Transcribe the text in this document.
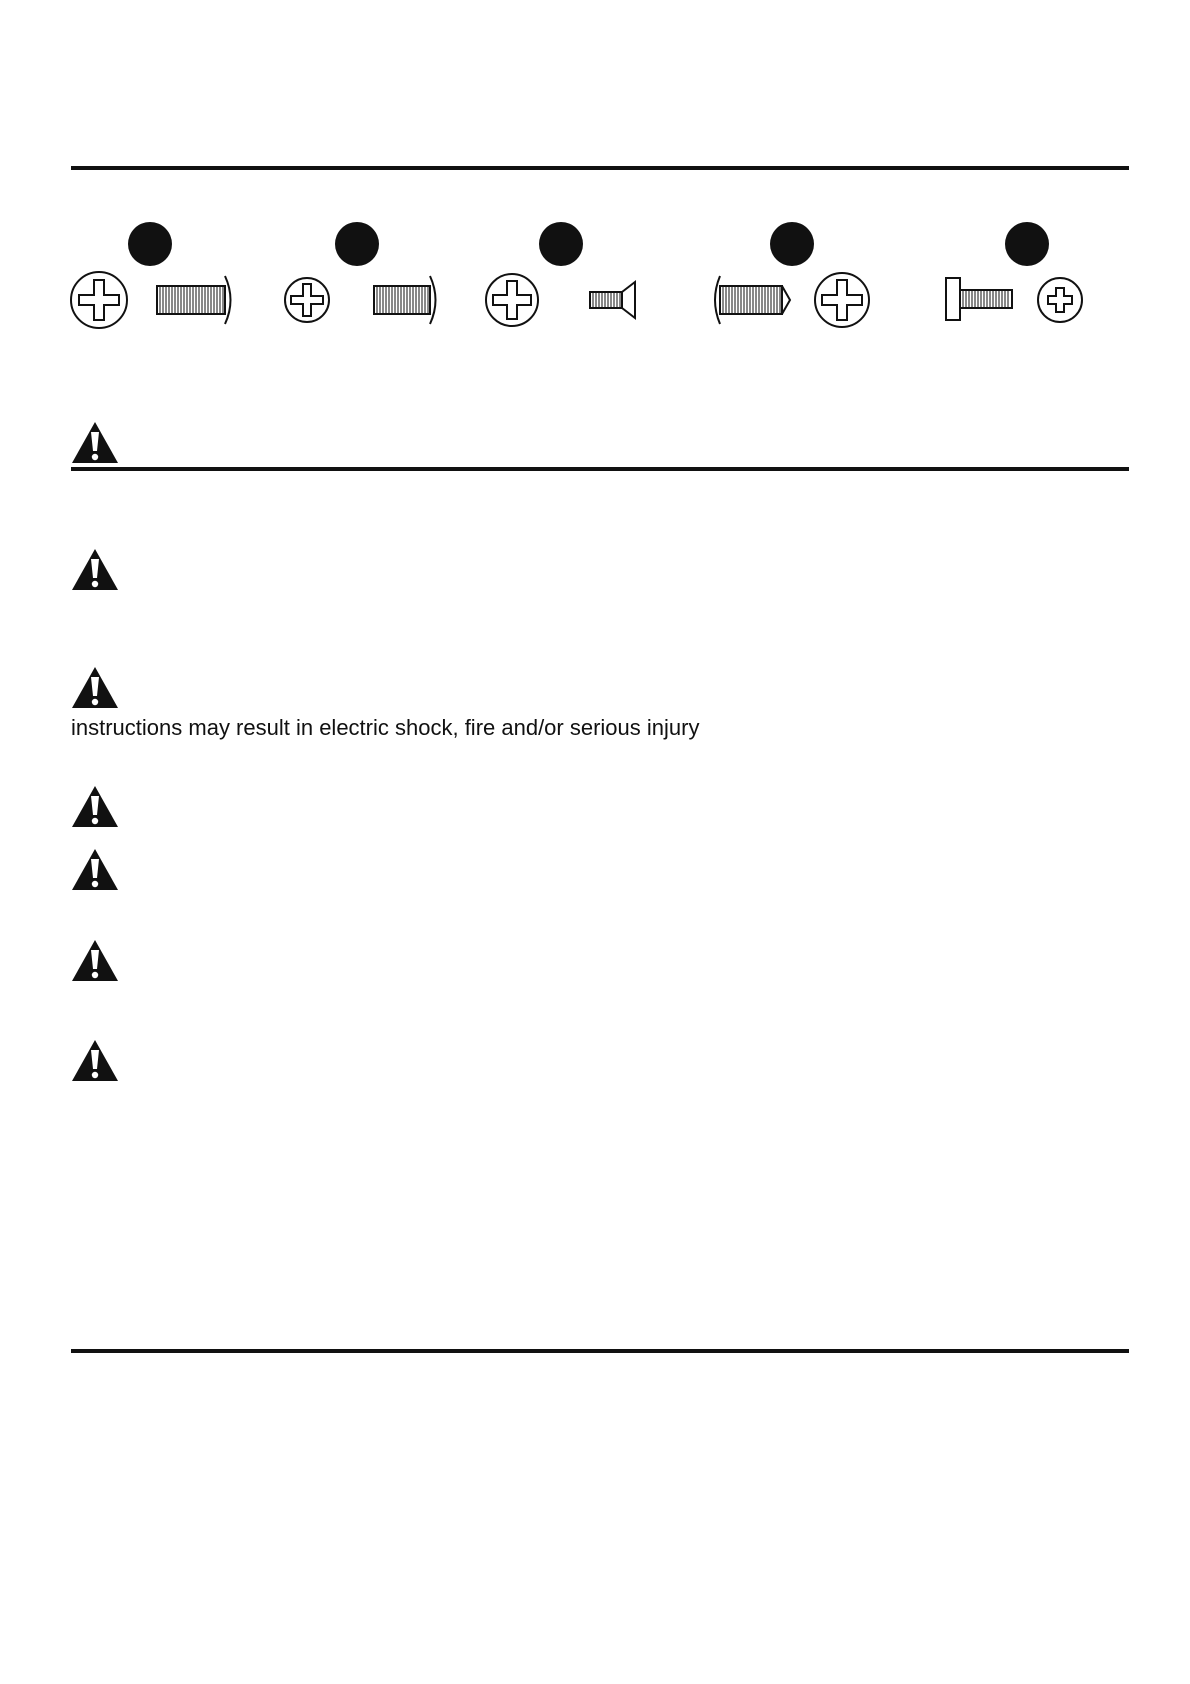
instructions may result in electric shock, fire and/or serious injury
